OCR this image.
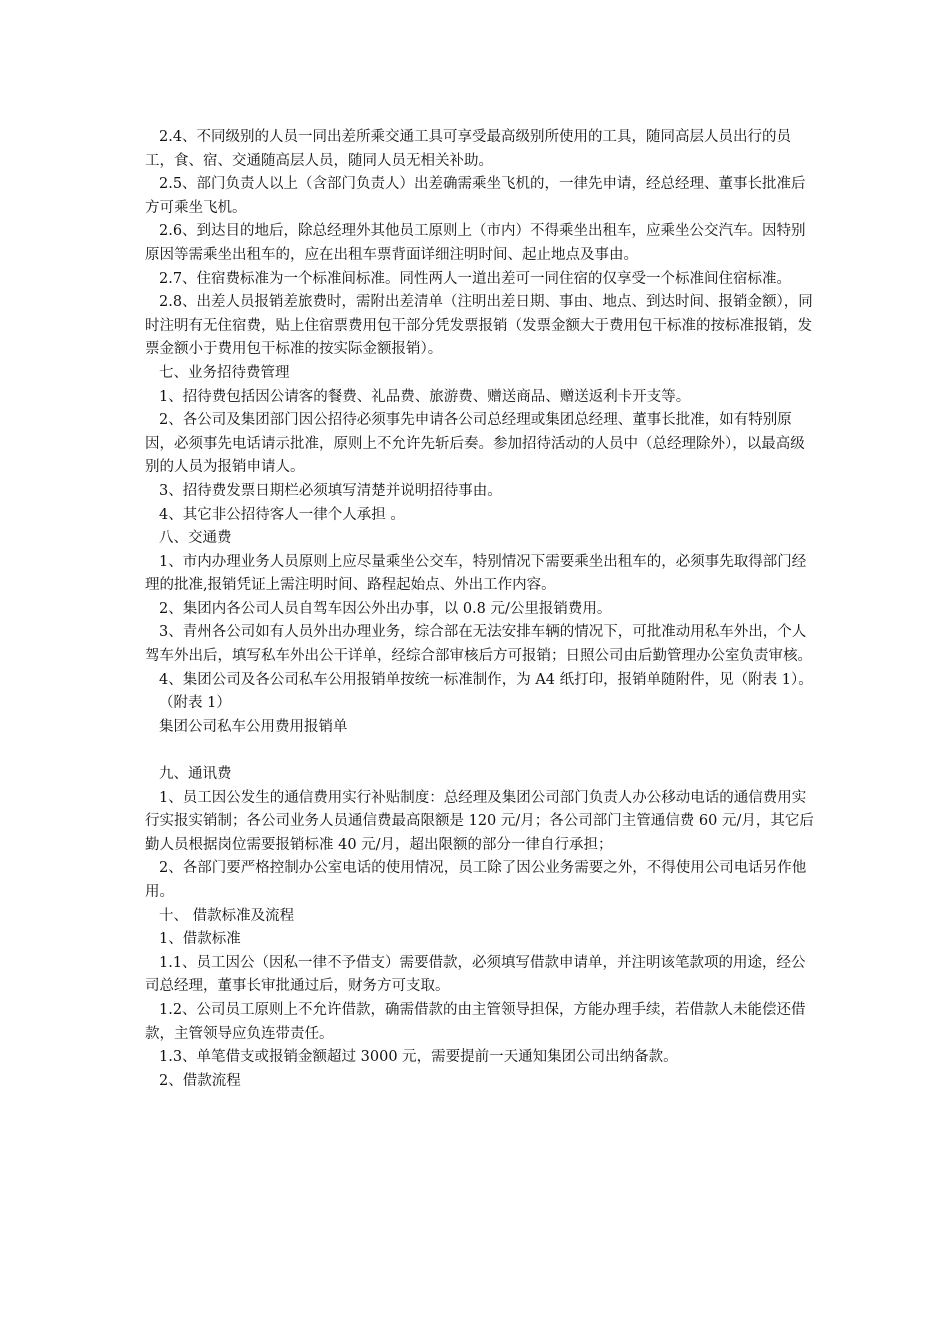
2.4、不同级别的人员一同出差所乘交通工具可享受最高级别所使用的工具，随同高层人员出行的员工，食、宿、交通随高层人员，随同人员无相关补助。

2.5、部门负责人以上（含部门负责人）出差确需乘坐飞机的，一律先申请，经总经理、董事长批准后方可乘坐飞机。

2.6、到达目的地后，除总经理外其他员工原则上（市内）不得乘坐出租车，应乘坐公交汽车。因特别原因等需乘坐出租车的，应在出租车票背面详细注明时间、起止地点及事由。

2.7、住宿费标准为一个标准间标准。同性两人一道出差可一同住宿的仅享受一个标准间住宿标准。

2.8、出差人员报销差旅费时，需附出差清单（注明出差日期、事由、地点、到达时间、报销金额），同时注明有无住宿费，贴上住宿票费用包干部分凭发票报销（发票金额大于费用包干标准的按标准报销，发票金额小于费用包干标准的按实际金额报销）。

七、业务招待费管理

1、招待费包括因公请客的餐费、礼品费、旅游费、赠送商品、赠送返利卡开支等。

2、各公司及集团部门因公招待必须事先申请各公司总经理或集团总经理、董事长批准，如有特别原因，必须事先电话请示批准，原则上不允许先斩后奏。参加招待活动的人员中（总经理除外），以最高级别的人员为报销申请人。

3、招待费发票日期栏必须填写清楚并说明招待事由。

4、其它非公招待客人一律个人承担 。

八、交通费

1、市内办理业务人员原则上应尽量乘坐公交车，特别情况下需要乘坐出租车的，必须事先取得部门经理的批准,报销凭证上需注明时间、路程起始点、外出工作内容。

2、集团内各公司人员自驾车因公外出办事，以 0.8 元/公里报销费用。

3、青州各公司如有人员外出办理业务，综合部在无法安排车辆的情况下，可批准动用私车外出，个人驾车外出后，填写私车外出公干详单，经综合部审核后方可报销；日照公司由后勤管理办公室负责审核。

4、集团公司及各公司私车公用报销单按统一标准制作，为 A4 纸打印，报销单随附件，见（附表 1）。

（附表 1）

集团公司私车公用费用报销单

九、通讯费

1、员工因公发生的通信费用实行补贴制度：总经理及集团公司部门负责人办公移动电话的通信费用实行实报实销制；各公司业务人员通信费最高限额是 120 元/月；各公司部门主管通信费 60 元/月，其它后勤人员根据岗位需要报销标准 40 元/月，超出限额的部分一律自行承担；

2、各部门要严格控制办公室电话的使用情况，员工除了因公业务需要之外，不得使用公司电话另作他用。

十、 借款标准及流程

1、借款标准

1.1、员工因公（因私一律不予借支）需要借款，必须填写借款申请单，并注明该笔款项的用途，经公司总经理，董事长审批通过后，财务方可支取。

1.2、公司员工原则上不允许借款，确需借款的由主管领导担保，方能办理手续，若借款人未能偿还借款，主管领导应负连带责任。

1.3、单笔借支或报销金额超过 3000 元，需要提前一天通知集团公司出纳备款。

2、借款流程
